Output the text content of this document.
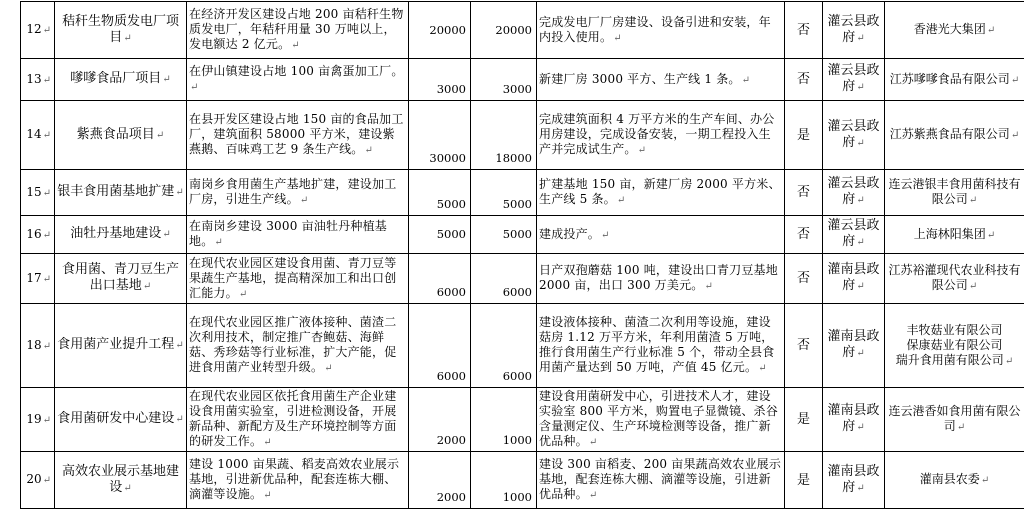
12↵	秸秆生物质发电厂项目↵	在经济开发区建设占地 200 亩秸秆生物质发电厂，年秸秆用量 30 万吨以上，发电额达 2 亿元。↵	20000	20000	完成发电厂厂房建设、设备引进和安装，年内投入使用。↵	否	灌云县政府↵	香港光大集团↵
13↵	嗲嗲食品厂项目↵	在伊山镇建设占地 100 亩禽蛋加工厂。↵	3000	3000	新建厂房 3000 平方、生产线 1 条。↵	否	灌云县政府↵	江苏嗲嗲食品有限公司↵
14↵	紫燕食品项目↵	在县开发区建设占地 150 亩的食品加工厂，建筑面积 58000 平方米，建设紫燕鹅、百味鸡工艺 9 条生产线。↵	30000	18000	完成建筑面积 4 万平方米的生产车间、办公用房建设，完成设备安装，一期工程投入生产并完成试生产。↵	是	灌云县政府↵	江苏紫燕食品有限公司↵
15↵	银丰食用菌基地扩建↵	南岗乡食用菌生产基地扩建，建设加工厂房，引进生产线。↵	5000	5000	扩建基地 150 亩，新建厂房 2000 平方米、生产线 5 条。↵	否	灌云县政府↵	连云港银丰食用菌科技有限公司↵
16↵	油牡丹基地建设↵	在南岗乡建设 3000 亩油牡丹种植基地。↵	5000	5000	建成投产。↵	否	灌云县政府↵	上海林阳集团↵
17↵	食用菌、青刀豆生产出口基地↵	在现代农业园区建设食用菌、青刀豆等果蔬生产基地，提高精深加工和出口创汇能力。↵	6000	6000	日产双孢蘑菇 100 吨，建设出口青刀豆基地 2000 亩，出口 300 万美元。↵	否	灌南县政府↵	江苏裕灌现代农业科技有限公司↵
18↵	食用菌产业提升工程↵	在现代农业园区推广液体接种、菌渣二次利用技术，制定推广杏鲍菇、海鲜菇、秀珍菇等行业标准，扩大产能，促进食用菌产业转型升级。↵	6000	6000	建设液体接种、菌渣二次利用等设施，建设菇房 1.12 万平方米，年利用菌渣 5 万吨，推行食用菌生产行业标准 5 个，带动全县食用菌产量达到 50 万吨，产值 45 亿元。↵	否	灌南县政府↵	丰牧菇业有限公司
保康菇业有限公司
瑞升食用菌有限公司↵
19↵	食用菌研发中心建设↵	在现代农业园区依托食用菌生产企业建设食用菌实验室，引进检测设备，开展新品种、新配方及生产环境控制等方面的研发工作。↵	2000	1000	建设食用菌研发中心，引进技术人才，建设实验室 800 平方米，购置电子显微镜、杀谷含量测定仪、生产环境检测等设备，推广新优品种。↵	是	灌南县政府↵	连云港香如食用菌有限公司↵
20↵	高效农业展示基地建设↵	建设 1000 亩果蔬、稻麦高效农业展示基地，引进新优品种，配套连栋大棚、滴灌等设施。↵	2000	1000	建设 300 亩稻麦、200 亩果蔬高效农业展示基地，配套连栋大棚、滴灌等设施，引进新优品种。↵	是	灌南县政府↵	灌南县农委↵
